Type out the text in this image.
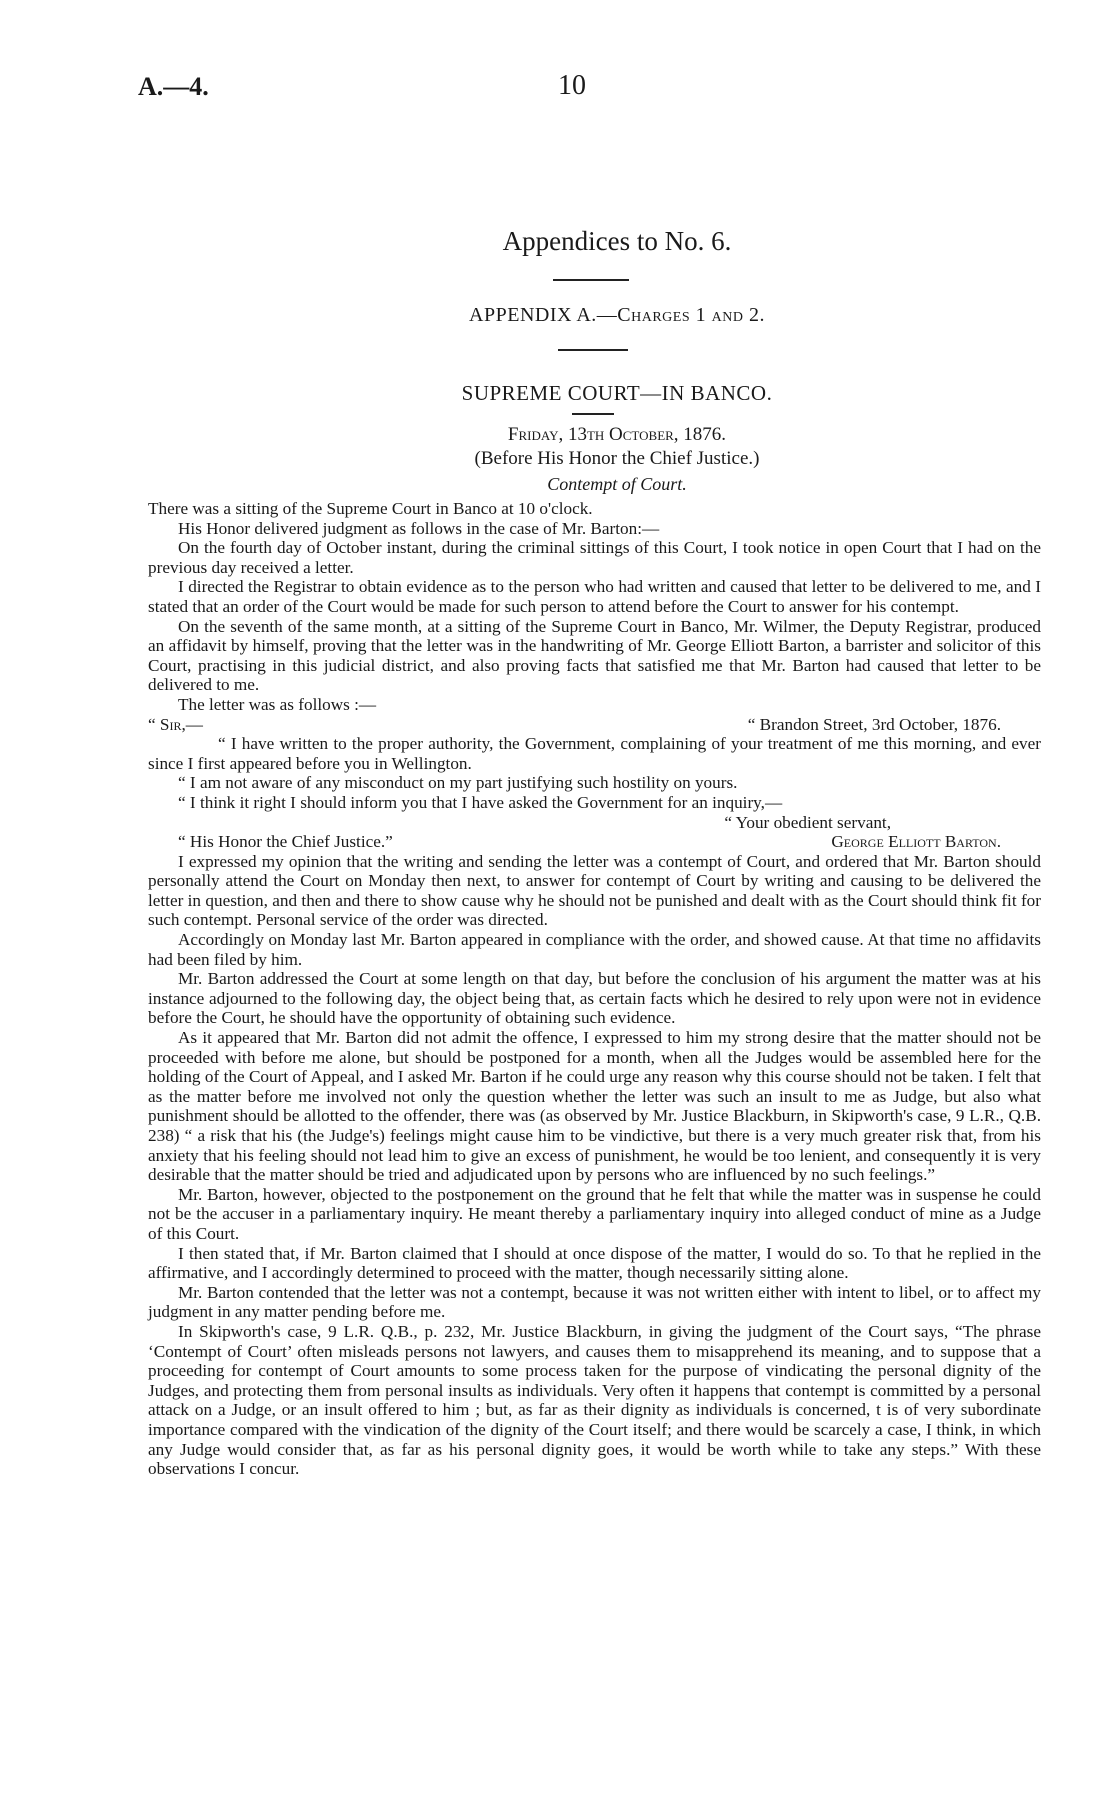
A.—4.	10
Appendices to No. 6.
APPENDIX A.—Charges 1 and 2.
SUPREME COURT—IN BANCO.
Friday, 13th October, 1876.
(Before His Honor the Chief Justice.)
Contempt of Court.

There was a sitting of the Supreme Court in Banco at 10 o'clock.

His Honor delivered judgment as follows in the case of Mr. Barton:—

On the fourth day of October instant, during the criminal sittings of this Court, I took notice in open Court that I had on the previous day received a letter.

I directed the Registrar to obtain evidence as to the person who had written and caused that letter to be delivered to me, and I stated that an order of the Court would be made for such person to attend before the Court to answer for his contempt.

On the seventh of the same month, at a sitting of the Supreme Court in Banco, Mr. Wilmer, the Deputy Registrar, produced an affidavit by himself, proving that the letter was in the handwriting of Mr. George Elliott Barton, a barrister and solicitor of this Court, practising in this judicial district, and also proving facts that satisfied me that Mr. Barton had caused that letter to be delivered to me.

The letter was as follows :—

“ Sir,—	“ Brandon Street, 3rd October, 1876.

“ I have written to the proper authority, the Government, complaining of your treatment of me this morning, and ever since I first appeared before you in Wellington.

“ I am not aware of any misconduct on my part justifying such hostility on yours.

“ I think it right I should inform you that I have asked the Government for an inquiry,—

“ Your obedient servant,
“ His Honor the Chief Justice.”	George Elliott Barton.

I expressed my opinion that the writing and sending the letter was a contempt of Court, and ordered that Mr. Barton should personally attend the Court on Monday then next, to answer for contempt of Court by writing and causing to be delivered the letter in question, and then and there to show cause why he should not be punished and dealt with as the Court should think fit for such contempt. Personal service of the order was directed.

Accordingly on Monday last Mr. Barton appeared in compliance with the order, and showed cause. At that time no affidavits had been filed by him.

Mr. Barton addressed the Court at some length on that day, but before the conclusion of his argument the matter was at his instance adjourned to the following day, the object being that, as certain facts which he desired to rely upon were not in evidence before the Court, he should have the opportunity of obtaining such evidence.

As it appeared that Mr. Barton did not admit the offence, I expressed to him my strong desire that the matter should not be proceeded with before me alone, but should be postponed for a month, when all the Judges would be assembled here for the holding of the Court of Appeal, and I asked Mr. Barton if he could urge any reason why this course should not be taken. I felt that as the matter before me involved not only the question whether the letter was such an insult to me as Judge, but also what punishment should be allotted to the offender, there was (as observed by Mr. Justice Blackburn, in Skipworth's case, 9 L.R., Q.B. 238) “ a risk that his (the Judge's) feelings might cause him to be vindictive, but there is a very much greater risk that, from his anxiety that his feeling should not lead him to give an excess of punishment, he would be too lenient, and consequently it is very desirable that the matter should be tried and adjudicated upon by persons who are influenced by no such feelings.”

Mr. Barton, however, objected to the postponement on the ground that he felt that while the matter was in suspense he could not be the accuser in a parliamentary inquiry. He meant thereby a parliamentary inquiry into alleged conduct of mine as a Judge of this Court.

I then stated that, if Mr. Barton claimed that I should at once dispose of the matter, I would do so. To that he replied in the affirmative, and I accordingly determined to proceed with the matter, though necessarily sitting alone.

Mr. Barton contended that the letter was not a contempt, because it was not written either with intent to libel, or to affect my judgment in any matter pending before me.

In Skipworth's case, 9 L.R. Q.B., p. 232, Mr. Justice Blackburn, in giving the judgment of the Court says, “The phrase ‘Contempt of Court’ often misleads persons not lawyers, and causes them to misapprehend its meaning, and to suppose that a proceeding for contempt of Court amounts to some process taken for the purpose of vindicating the personal dignity of the Judges, and protecting them from personal insults as individuals. Very often it happens that contempt is committed by a personal attack on a Judge, or an insult offered to him ; but, as far as their dignity as individuals is concerned, t is of very subordinate importance compared with the vindication of the dignity of the Court itself; and there would be scarcely a case, I think, in which any Judge would consider that, as far as his personal dignity goes, it would be worth while to take any steps.” With these observations I concur.
